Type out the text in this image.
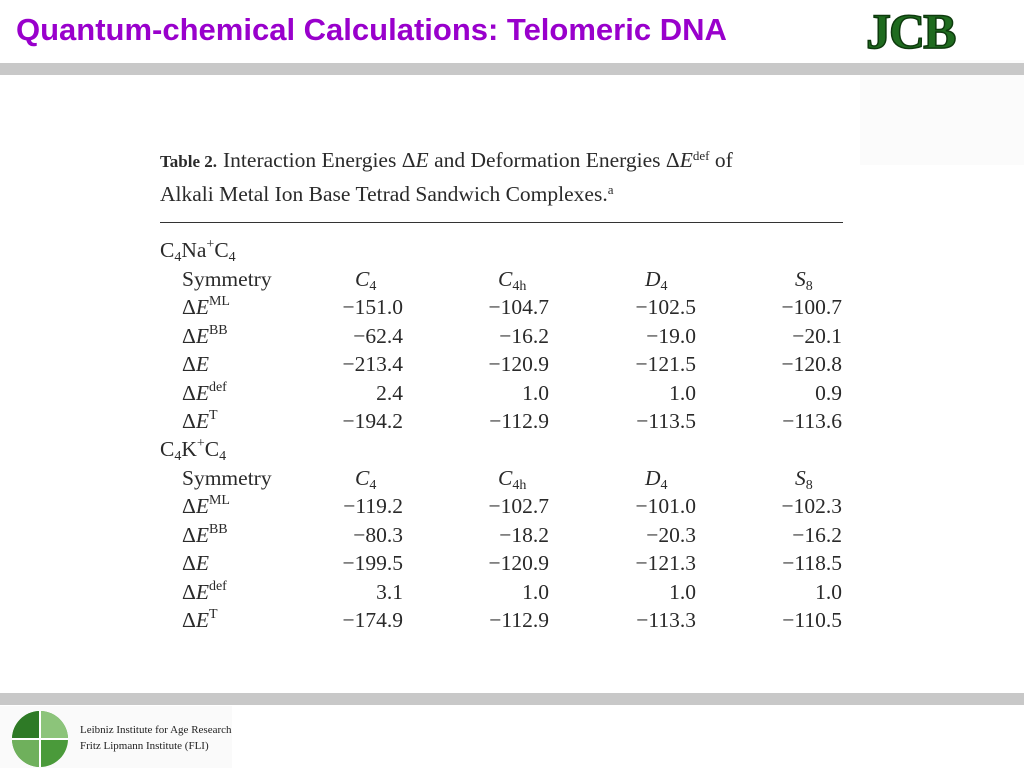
Quantum-chemical Calculations: Telomeric DNA	JCB
Table 2. Interaction Energies ΔE and Deformation Energies $\Delta E^{def}$ of
Alkali Metal Ion Base Tetrad Sandwich Complexes.$^a$
$C_4Na^+C_4$
Symmetry	$C_4$	$C_{4h}$	$D_4$	$S_8$
$\Delta E^{ML}$	−151.0	−104.7	−102.5	−100.7
$\Delta E^{BB}$	−62.4	−16.2	−19.0	−20.1
ΔE	−213.4	−120.9	−121.5	−120.8
$\Delta E^{def}$	2.4	1.0	1.0	0.9
$\Delta E^T$	−194.2	−112.9	−113.5	−113.6
$C_4K^+C_4$
Symmetry	$C_4$	$C_{4h}$	$D_4$	$S_8$
$\Delta E^{ML}$	−119.2	−102.7	−101.0	−102.3
$\Delta E^{BB}$	−80.3	−18.2	−20.3	−16.2
ΔE	−199.5	−120.9	−121.3	−118.5
$\Delta E^{def}$	3.1	1.0	1.0	1.0
$\Delta E^T$	−174.9	−112.9	−113.3	−110.5
Leibniz Institute for Age Research
Fritz Lipmann Institute (FLI)
